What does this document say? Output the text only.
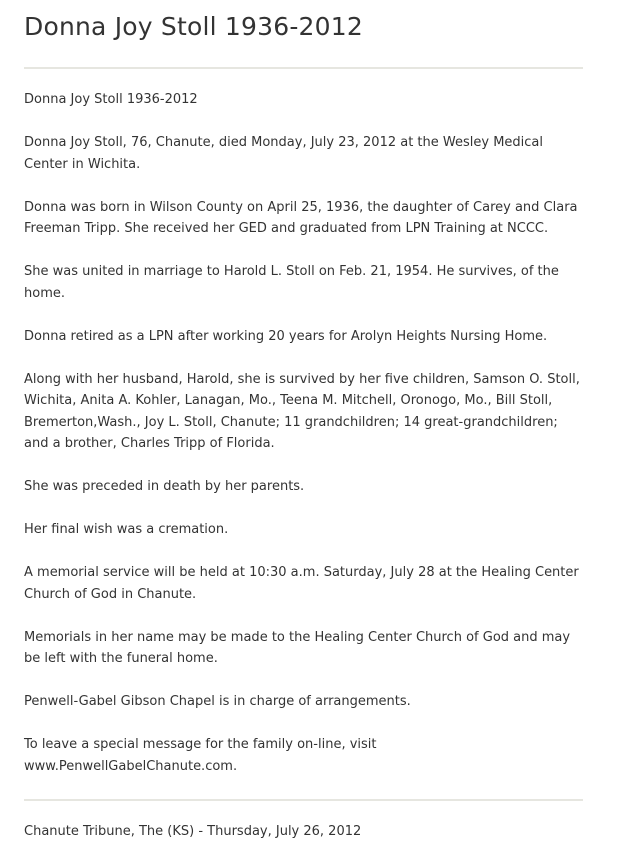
Donna Joy Stoll 1936-2012

Donna Joy Stoll 1936-2012

Donna Joy Stoll, 76, Chanute, died Monday, July 23, 2012 at the Wesley Medical Center in Wichita.

Donna was born in Wilson County on April 25, 1936, the daughter of Carey and Clara Freeman Tripp. She received her GED and graduated from LPN Training at NCCC.

She was united in marriage to Harold L. Stoll on Feb. 21, 1954. He survives, of the home.

Donna retired as a LPN after working 20 years for Arolyn Heights Nursing Home.

Along with her husband, Harold, she is survived by her five children, Samson O. Stoll, Wichita, Anita A. Kohler, Lanagan, Mo., Teena M. Mitchell, Oronogo, Mo., Bill Stoll, Bremerton,Wash., Joy L. Stoll, Chanute; 11 grandchildren; 14 great-grandchildren; and a brother, Charles Tripp of Florida.

She was preceded in death by her parents.

Her final wish was a cremation.

A memorial service will be held at 10:30 a.m. Saturday, July 28 at the Healing Center Church of God in Chanute.

Memorials in her name may be made to the Healing Center Church of God and may be left with the funeral home.

Penwell-Gabel Gibson Chapel is in charge of arrangements.

To leave a special message for the family on-line, visit www.PenwellGabelChanute.com.

Chanute Tribune, The (KS) - Thursday, July 26, 2012
